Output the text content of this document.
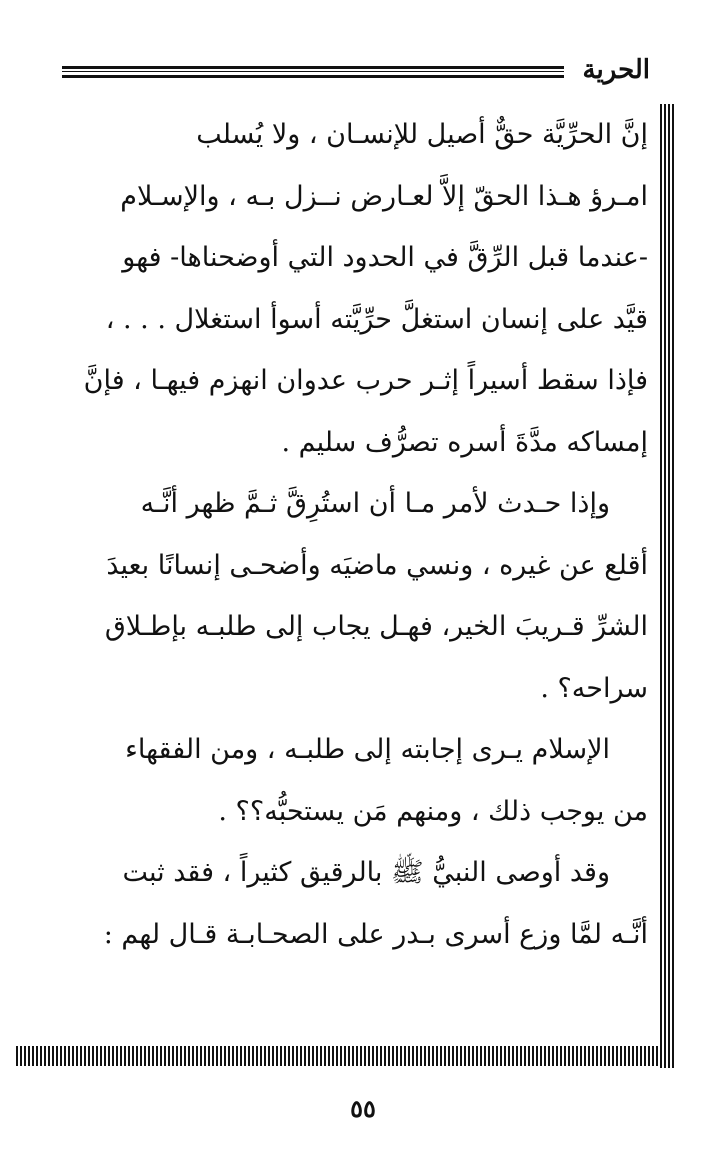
الحرية

إنَّ الحرِّيَّة حقٌّ أصيل للإنسـان ، ولا يُسلب

امـرؤ هـذا الحقّ إلاَّ لعـارض نــزل بـه ، والإسـلام

-عندما قبل الرِّقَّ في الحدود التي أوضحناها- فهو

قيَّد على إنسان استغلَّ حرِّيَّته أسوأ استغلال . . . ،

فإذا سقط أسيراً إثـر حرب عدوان انهزم فيهـا ، فإنَّ

إمساكه مدَّةَ أسره تصرُّف سليم .

وإذا حـدث لأمر مـا أن استُرِقَّ ثـمَّ ظهر أنَّـه

أقلع عن غيره ، ونسي ماضيَه وأضحـى إنسانًا بعيدَ

الشرِّ قـريبَ الخير، فهـل يجاب إلى طلبـه بإطـلاق

سراحه؟ .

الإسلام يـرى إجابته إلى طلبـه ، ومن الفقهاء

من يوجب ذلك ، ومنهم مَن يستحبُّه؟؟ .

وقد أوصى النبيُّ ﷺ بالرقيق كثيراً ، فقد ثبت

أنَّـه لمَّا وزع أسرى بـدر على الصحـابـة قـال لهم :

٥٥
